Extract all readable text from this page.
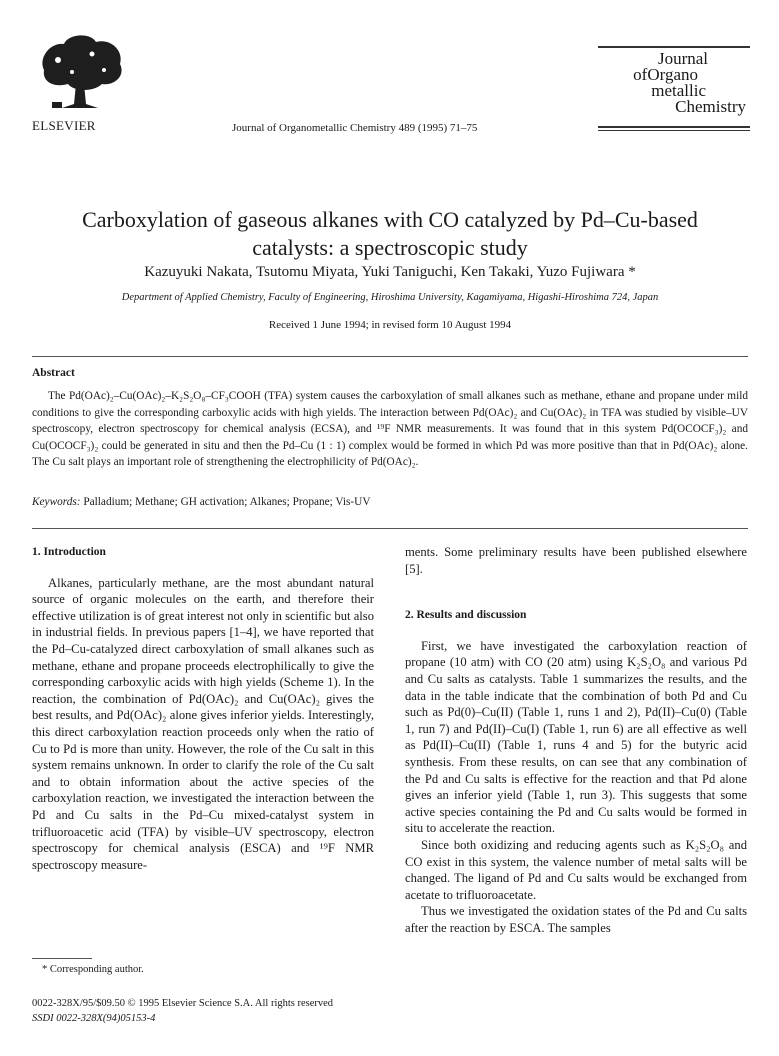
ELSEVIER	Journal of Organometallic Chemistry 489 (1995) 71–75
Journal
ofOrgano
metallic
Chemistry
Carboxylation of gaseous alkanes with CO catalyzed by Pd–Cu-based catalysts: a spectroscopic study
Kazuyuki Nakata, Tsutomu Miyata, Yuki Taniguchi, Ken Takaki, Yuzo Fujiwara *
Department of Applied Chemistry, Faculty of Engineering, Hiroshima University, Kagamiyama, Higashi-Hiroshima 724, Japan
Received 1 June 1994; in revised form 10 August 1994
Abstract

The Pd(OAc)₂–Cu(OAc)₂–K₂S₂O₈–CF₃COOH (TFA) system causes the carboxylation of small alkanes such as methane, ethane and propane under mild conditions to give the corresponding carboxylic acids with high yields. The interaction between Pd(OAc)₂ and Cu(OAc)₂ in TFA was studied by visible–UV spectroscopy, electron spectroscopy for chemical analysis (ECSA), and ¹⁹F NMR measurements. It was found that in this system Pd(OCOCF₃)₂ and Cu(OCOCF₃)₂ could be generated in situ and then the Pd–Cu (1 : 1) complex would be formed in which Pd was more positive than that in Pd(OAc)₂ alone. The Cu salt plays an important role of strengthening the electrophilicity of Pd(OAc)₂.

Keywords: Palladium; Methane; GH activation; Alkanes; Propane; Vis-UV

1. Introduction

Alkanes, particularly methane, are the most abundant natural source of organic molecules on the earth, and therefore their effective utilization is of great interest not only in scientific but also in industrial fields. In previous papers [1–4], we have reported that the Pd–Cu-catalyzed direct carboxylation of small alkanes such as methane, ethane and propane proceeds electrophilically to give the corresponding carboxylic acids with high yields (Scheme 1). In the reaction, the combination of Pd(OAc)₂ and Cu(OAc)₂ gives the best results, and Pd(OAc)₂ alone gives inferior yields. Interestingly, this direct carboxylation reaction proceeds only when the ratio of Cu to Pd is more than unity. However, the role of the Cu salt in this system remains unknown. In order to clarify the role of the Cu salt and to obtain information about the active species of the carboxylation reaction, we investigated the interaction between the Pd and Cu salts in the Pd–Cu mixed-catalyst system in trifluoroacetic acid (TFA) by visible–UV spectroscopy, electron spectroscopy for chemical analysis (ESCA) and ¹⁹F NMR spectroscopy measure-

ments. Some preliminary results have been published elsewhere [5].

2. Results and discussion

First, we have investigated the carboxylation reaction of propane (10 atm) with CO (20 atm) using K₂S₂O₈ and various Pd and Cu salts as catalysts. Table 1 summarizes the results, and the data in the table indicate that the combination of both Pd and Cu such as Pd(0)–Cu(II) (Table 1, runs 1 and 2), Pd(II)–Cu(0) (Table 1, run 7) and Pd(II)–Cu(I) (Table 1, run 6) are all effective as well as Pd(II)–Cu(II) (Table 1, runs 4 and 5) for the butyric acid synthesis. From these results, on can see that any combination of the Pd and Cu salts is effective for the reaction and that Pd alone gives an inferior yield (Table 1, run 3). This suggests that some active species containing the Pd and Cu salts would be formed in situ to accelerate the reaction.

Since both oxidizing and reducing agents such as K₂S₂O₈ and CO exist in this system, the valence number of metal salts will be changed. The ligand of Pd and Cu salts would be exchanged from acetate to trifluoroacetate.

Thus we investigated the oxidation states of the Pd and Cu salts after the reaction by ESCA. The samples

* Corresponding author.
0022-328X/95/$09.50 © 1995 Elsevier Science S.A. All rights reserved
SSDI 0022-328X(94)05153-4
